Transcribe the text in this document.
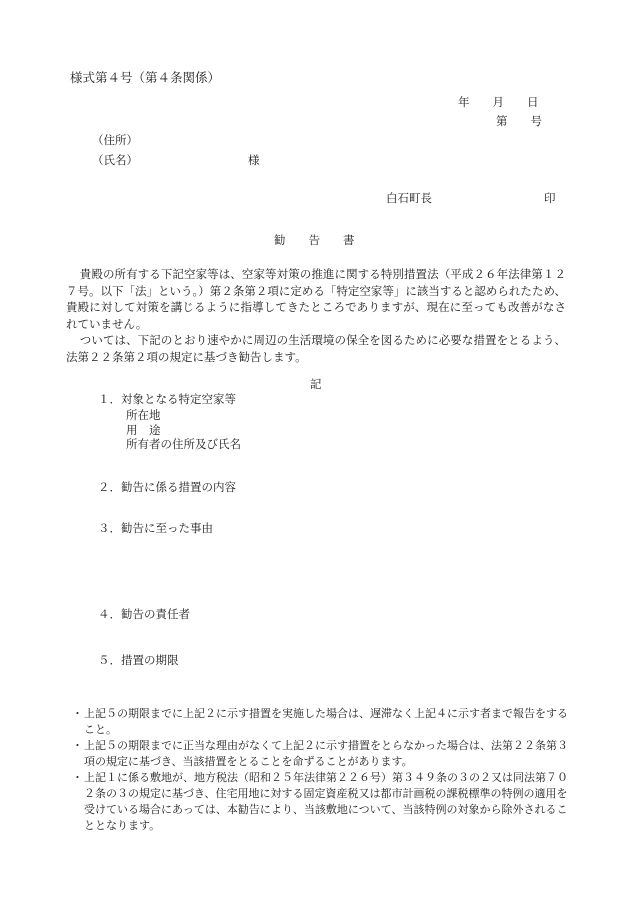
様式第４号（第４条関係）
年　　月　　日
第　　号
（住所）
（氏名）	様
白石町長	印
勧　　告　　書

貴殿の所有する下記空家等は、空家等対策の推進に関する特別措置法（平成２６年法律第１２７号。以下「法」という。）第２条第２項に定める「特定空家等」に該当すると認められたため、貴殿に対して対策を講じるように指導してきたところでありますが、現在に至っても改善がなされていません。

ついては、下記のとおり速やかに周辺の生活環境の保全を図るために必要な措置をとるよう、法第２２条第２項の規定に基づき勧告します。

記
１．対象となる特定空家等
所在地
用　途
所有者の住所及び氏名
２．勧告に係る措置の内容
３．勧告に至った事由
４．勧告の責任者
５．措置の期限
・ 上記５の期限までに上記２に示す措置を実施した場合は、遅滞なく上記４に示す者まで報告をすること。
・ 上記５の期限までに正当な理由がなくて上記２に示す措置をとらなかった場合は、法第２２条第３項の規定に基づき、当該措置をとることを命ずることがあります。
・ 上記１に係る敷地が、地方税法（昭和２５年法律第２２６号）第３４９条の３の２又は同法第７０２条の３の規定に基づき、住宅用地に対する固定資産税又は都市計画税の課税標準の特例の適用を受けている場合にあっては、本勧告により、当該敷地について、当該特例の対象から除外されることとなります。
